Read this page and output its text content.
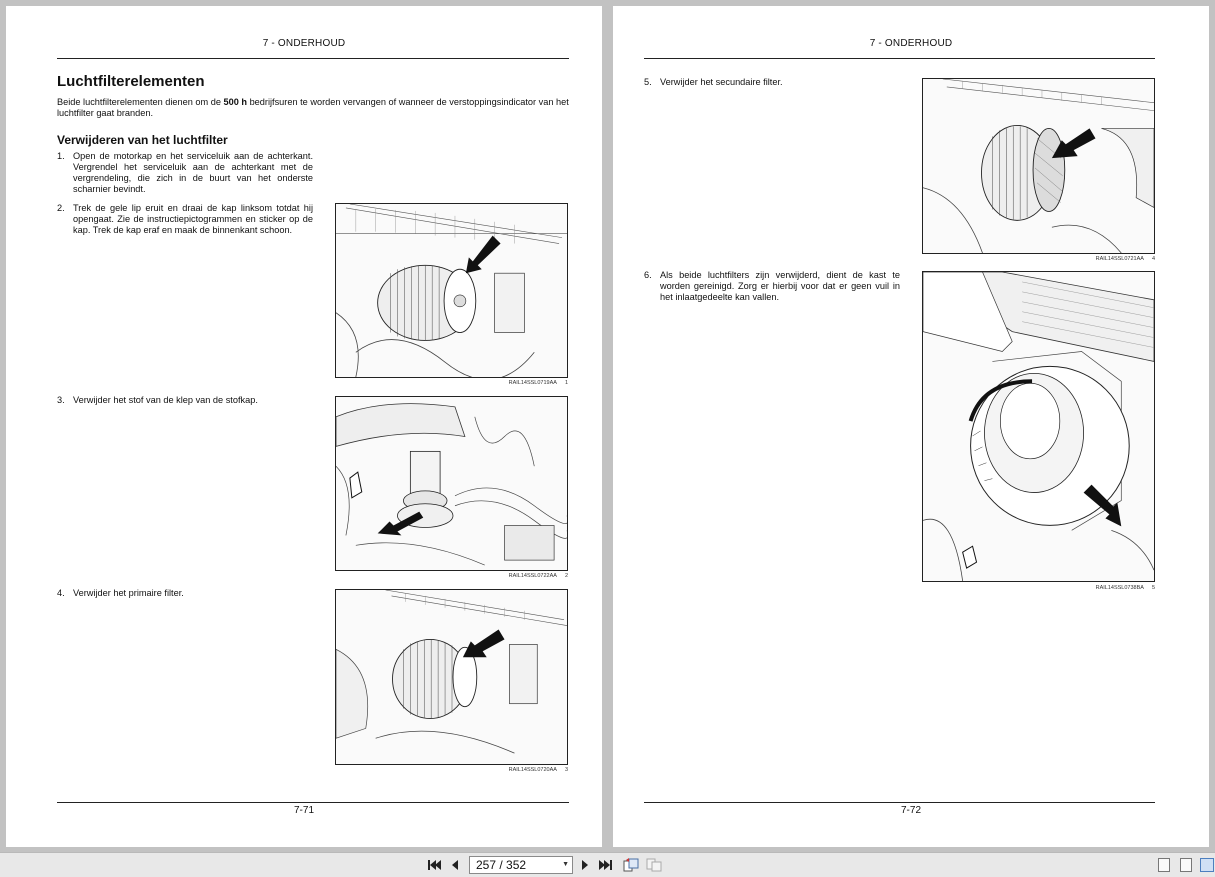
7 - ONDERHOUD
Luchtfilterelementen
Beide luchtfilterelementen dienen om de 500 h bedrijfsuren te worden vervangen of wanneer de verstoppingsindicator van het luchtfilter gaat branden.
Verwijderen van het luchtfilter
1. Open de motorkap en het serviceluik aan de achterkant. Vergrendel het serviceluik aan de achterkant met de vergrendeling, die zich in de buurt van het onderste scharnier bevindt.
2. Trek de gele lip eruit en draai de kap linksom totdat hij opengaat. Zie de instructiepictogrammen en sticker op de kap. Trek de kap eraf en maak de binnenkant schoon.
3. Verwijder het stof van de klep van de stofkap.
4. Verwijder het primaire filter.
RAIL14SSL0719AA 1
RAIL14SSL0722AA 2
RAIL14SSL0720AA 3
7-71
7 - ONDERHOUD
5. Verwijder het secundaire filter.
6. Als beide luchtfilters zijn verwijderd, dient de kast te worden gereinigd. Zorg er hierbij voor dat er geen vuil in het inlaatgedeelte kan vallen.
RAIL14SSL0721AA 4
RAIL14SSL0738BA 5
7-72
257 / 352	▼
